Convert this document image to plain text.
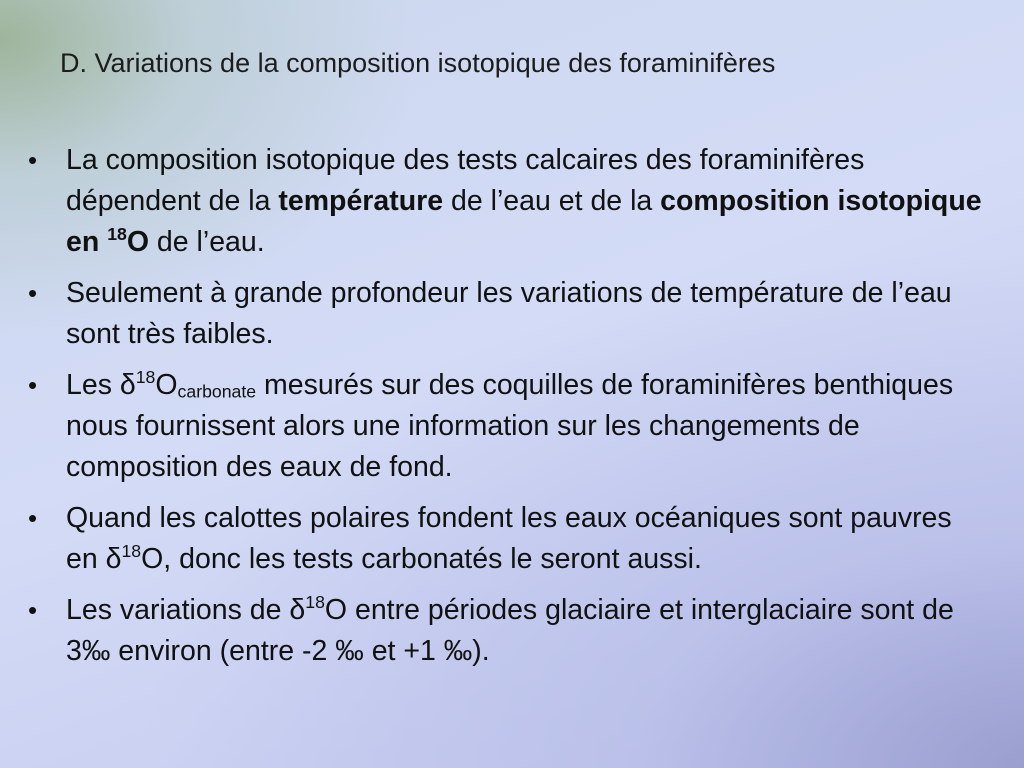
D. Variations de la composition isotopique des foraminifères
•	La composition isotopique des tests calcaires des foraminifères dépendent de la température de l’eau et de la composition isotopique en $^{18}$O de l’eau.
•	Seulement à grande profondeur les variations de température de l’eau sont très faibles.
•	Les $\delta^{18}O_{carbonate}$ mesurés sur des coquilles de foraminifères benthiques nous fournissent alors une information sur les changements de composition des eaux de fond.
•	Quand les calottes polaires fondent les eaux océaniques sont pauvres en $\delta^{18}O$, donc les tests carbonatés le seront aussi.
•	Les variations de $\delta^{18}O$ entre périodes glaciaire et interglaciaire sont de 3‰ environ (entre -2 ‰ et +1 ‰).
